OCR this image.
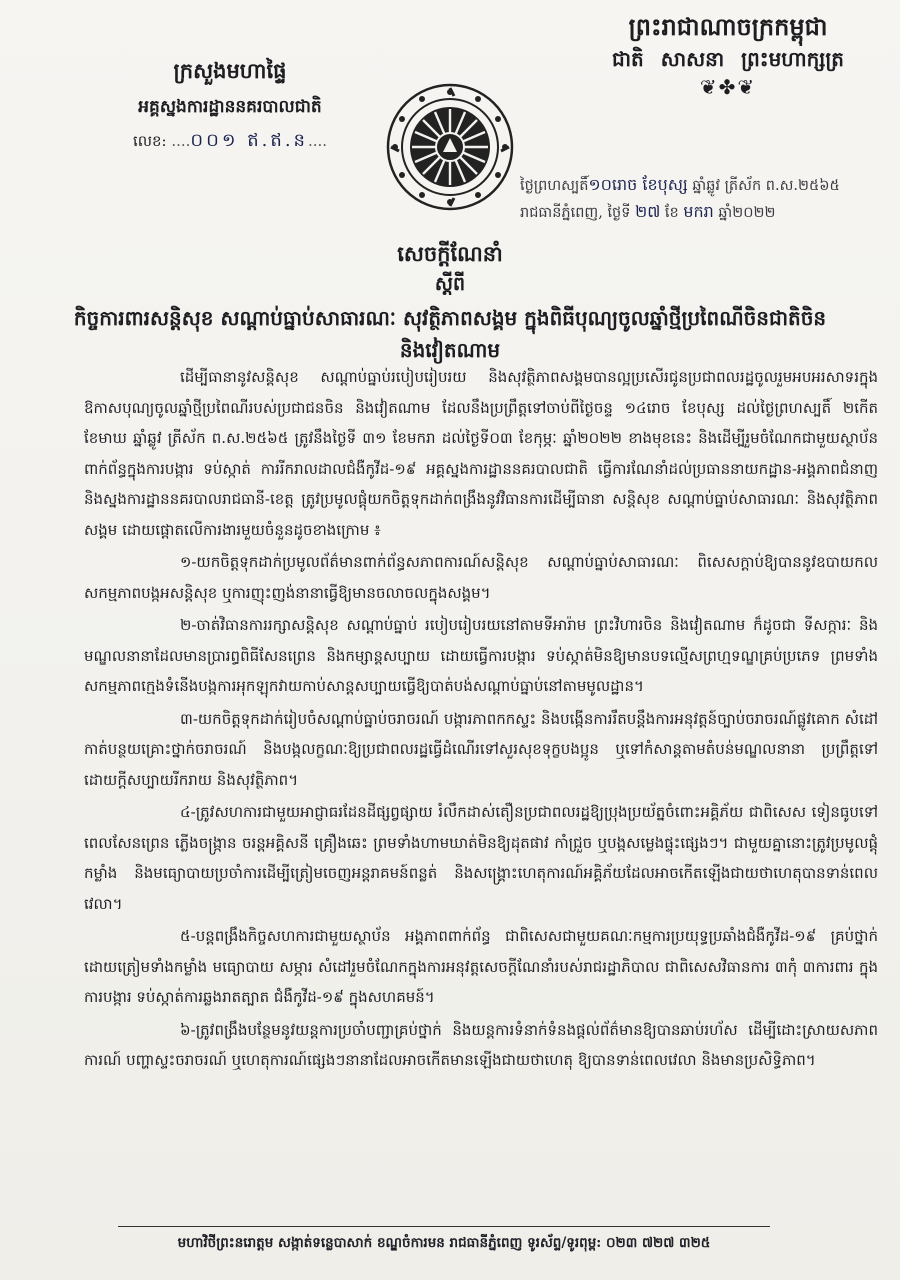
ព្រះរាជាណាចក្រកម្ពុជា
ជាតិ សាសនា ព្រះមហាក្សត្រ
❦✤❦
ក្រសួងមហាផ្ទៃ
អគ្គស្នងការដ្ឋាននគរបាលជាតិ
លេខ: ....០០១ ឥ.ឥ.ន....
ថ្ងៃព្រហស្បតិ៍១០រោច ខែបុស្ស ឆ្នាំឆ្លូវ ត្រីស័ក ព.ស.២៥៦៥
រាជធានីភ្នំពេញ, ថ្ងៃទី ២៧ ខែ មករា ឆ្នាំ២០២២
សេចក្តីណែនាំ
ស្តីពី
កិច្ចការពារសន្តិសុខ សណ្តាប់ធ្នាប់សាធារណៈ សុវត្ថិភាពសង្គម ក្នុងពិធីបុណ្យចូលឆ្នាំថ្មីប្រពៃណីចិនជាតិចិន និងវៀតណាម

ដើម្បីធានានូវសន្តិសុខ សណ្តាប់ធ្នាប់របៀបរៀបរយ និងសុវត្ថិភាពសង្គមបានល្អប្រសើរជូនប្រជាពលរដ្ឋចូលរួមអបអរសាទរក្នុងឱកាសបុណ្យចូលឆ្នាំថ្មីប្រពៃណីរបស់ប្រជាជនចិន និងវៀតណាម ដែលនឹងប្រព្រឹត្តទៅចាប់ពីថ្ងៃចន្ទ ១៤រោច ខែបុស្ស ដល់ថ្ងៃព្រហស្បតិ៍ ២កើត ខែមាឃ ឆ្នាំឆ្លូវ ត្រីស័ក ព.ស.២៥៦៥ ត្រូវនឹងថ្ងៃទី ៣១ ខែមករា ដល់ថ្ងៃទី០៣ ខែកុម្ភៈ ឆ្នាំ២០២២ ខាងមុខនេះ និងដើម្បីរួមចំណែកជាមួយស្ថាប័នពាក់ព័ន្ធក្នុងការបង្ការ ទប់ស្កាត់ ការរីករាលដាលជំងឺកូវីដ-១៩ អគ្គស្នងការដ្ឋាននគរបាលជាតិ ធ្វើការណែនាំដល់ប្រធាននាយកដ្ឋាន-អង្គភាពជំនាញ និងស្នងការដ្ឋាននគរបាលរាជធានី-ខេត្ត ត្រូវប្រមូលផ្តុំយកចិត្តទុកដាក់ពង្រឹងនូវវិធានការដើម្បីធានា សន្តិសុខ សណ្តាប់ធ្នាប់សាធារណៈ និងសុវត្ថិភាពសង្គម ដោយផ្តោតលើការងារមួយចំនួនដូចខាងក្រោម ៖

១-យកចិត្តទុកដាក់ប្រមូលព័ត៌មានពាក់ព័ន្ធសភាពការណ៍សន្តិសុខ សណ្តាប់ធ្នាប់សាធារណៈ ពិសេសក្តាប់ឱ្យបាននូវឧបាយកល សកម្មភាពបង្កអសន្តិសុខ ឬការញុះញង់នានាធ្វើឱ្យមានចលាចលក្នុងសង្គម។

២-ចាត់វិធានការរក្សាសន្តិសុខ សណ្តាប់ធ្នាប់ របៀបរៀបរយនៅតាមទីអារ៉ាម ព្រះវិហារចិន និងវៀតណាម ក៏ដូចជា ទីសក្ការៈ និងមណ្ឌលនានាដែលមានប្រារព្ធពិធីសែនព្រេន និងកម្សាន្តសប្បាយ ដោយធ្វើការបង្ការ ទប់ស្កាត់មិនឱ្យមានបទល្មើសព្រហ្មទណ្ឌគ្រប់ប្រភេទ ព្រមទាំងសកម្មភាពក្មេងទំនើងបង្កការអុកឡុកវាយកាប់សាន្តសប្បាយធ្វើឱ្យបាត់បង់សណ្តាប់ធ្នាប់នៅតាមមូលដ្ឋាន។

៣-យកចិត្តទុកដាក់រៀបចំសណ្តាប់ធ្នាប់ចរាចរណ៍ បង្ការភាពកកស្ទះ និងបង្កើនការរឹតបន្តឹងការអនុវត្តន៍ច្បាប់ចរាចរណ៍ផ្លូវគោក សំដៅកាត់បន្ថយគ្រោះថ្នាក់ចរាចរណ៍ និងបង្កលក្ខណៈឱ្យប្រជាពលរដ្ឋធ្វើដំណើរទៅសួរសុខទុក្ខបងប្អូន ឬទៅកំសាន្តតាមតំបន់មណ្ឌលនានា ប្រព្រឹត្តទៅដោយក្តីសប្បាយរីករាយ និងសុវត្ថិភាព។

៤-ត្រូវសហការជាមួយអាជ្ញាធរដែនដីផ្សព្វផ្សាយ រំលឹកដាស់តឿនប្រជាពលរដ្ឋឱ្យប្រុងប្រយ័ត្នចំពោះអគ្គិភ័យ ជាពិសេស ទៀនធូបទៅពេលសែនព្រេន ភ្លើងចង្ក្រាន ចរន្តអគ្គិសនី គ្រឿងឆេះ ព្រមទាំងហាមឃាត់មិនឱ្យដុតផាវ កាំជ្រួច ឬបង្កសម្លេងផ្ទុះផ្សេងៗ។ ជាមួយគ្នានោះត្រូវប្រមូលផ្តុំកម្លាំង និងមធ្យោបាយប្រចាំការដើម្បីត្រៀមចេញអន្តរាគមន៍ពន្លត់ និងសង្គ្រោះហេតុការណ៍អគ្គិភ័យដែលអាចកើតឡើងជាយថាហេតុបានទាន់ពេលវេលា។

៥-បន្តពង្រឹងកិច្ចសហការជាមួយស្ថាប័ន អង្គភាពពាក់ព័ន្ធ ជាពិសេសជាមួយគណៈកម្មការប្រយុទ្ធប្រឆាំងជំងឺកូវីដ-១៩ គ្រប់ថ្នាក់ ដោយត្រៀមទាំងកម្លាំង មធ្យោបាយ សម្ភារ សំដៅរួមចំណែកក្នុងការអនុវត្តសេចក្តីណែនាំរបស់រាជរដ្ឋាភិបាល ជាពិសេសវិធានការ ៣កុំ ៣ការពារ ក្នុងការបង្ការ ទប់ស្កាត់ការឆ្លងរាតត្បាត ជំងឺកូវីដ-១៩ ក្នុងសហគមន៍។

៦-ត្រូវពង្រឹងបន្ថែមនូវយន្តការប្រចាំបញ្ជាគ្រប់ថ្នាក់ និងយន្តការទំនាក់ទំនងផ្តល់ព័ត៌មានឱ្យបានឆាប់រហ័ស ដើម្បីដោះស្រាយសភាពការណ៍ បញ្ហាស្ទះចរាចរណ៍ ឬហេតុការណ៍ផ្សេងៗនានាដែលអាចកើតមានឡើងជាយថាហេតុ ឱ្យបានទាន់ពេលវេលា និងមានប្រសិទ្ធិភាព។

មហាវិថីព្រះនរោត្តម សង្កាត់ទន្លេបាសាក់ ខណ្ឌចំការមន រាជធានីភ្នំពេញ ទូរស័ព្ទ/ទូរពុម្ព: ០២៣ ៧២៧ ៣២៥
